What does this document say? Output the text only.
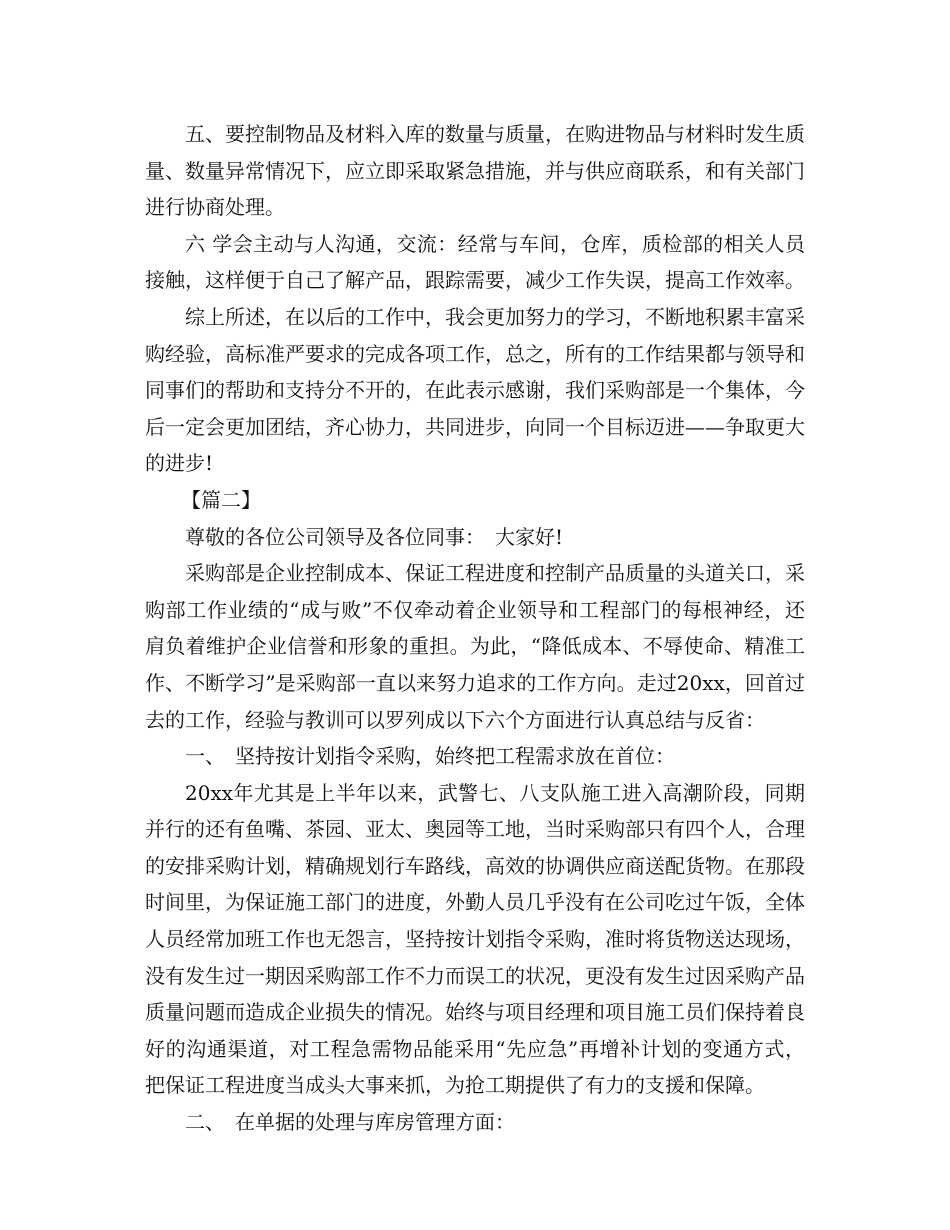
五、要控制物品及材料入库的数量与质量，在购进物品与材料时发生质量、数量异常情况下，应立即采取紧急措施，并与供应商联系，和有关部门进行协商处理。

六 学会主动与人沟通，交流：经常与车间，仓库，质检部的相关人员接触，这样便于自己了解产品，跟踪需要，减少工作失误，提高工作效率。

综上所述，在以后的工作中，我会更加努力的学习，不断地积累丰富采购经验，高标准严要求的完成各项工作，总之，所有的工作结果都与领导和同事们的帮助和支持分不开的，在此表示感谢，我们采购部是一个集体，今后一定会更加团结，齐心协力，共同进步，向同一个目标迈进——争取更大的进步!

【篇二】

尊敬的各位公司领导及各位同事：　大家好!

采购部是企业控制成本、保证工程进度和控制产品质量的头道关口，采购部工作业绩的“成与败”不仅牵动着企业领导和工程部门的每根神经，还肩负着维护企业信誉和形象的重担。为此，“降低成本、不辱使命、精准工作、不断学习”是采购部一直以来努力追求的工作方向。走过20xx，回首过去的工作，经验与教训可以罗列成以下六个方面进行认真总结与反省：

一、　坚持按计划指令采购，始终把工程需求放在首位：

20xx年尤其是上半年以来，武警七、八支队施工进入高潮阶段，同期并行的还有鱼嘴、茶园、亚太、奥园等工地，当时采购部只有四个人，合理的安排采购计划，精确规划行车路线，高效的协调供应商送配货物。在那段时间里，为保证施工部门的进度，外勤人员几乎没有在公司吃过午饭，全体人员经常加班工作也无怨言，坚持按计划指令采购，准时将货物送达现场，没有发生过一期因采购部工作不力而误工的状况，更没有发生过因采购产品质量问题而造成企业损失的情况。始终与项目经理和项目施工员们保持着良好的沟通渠道，对工程急需物品能采用“先应急”再增补计划的变通方式，把保证工程进度当成头大事来抓，为抢工期提供了有力的支援和保障。

二、　在单据的处理与库房管理方面：
